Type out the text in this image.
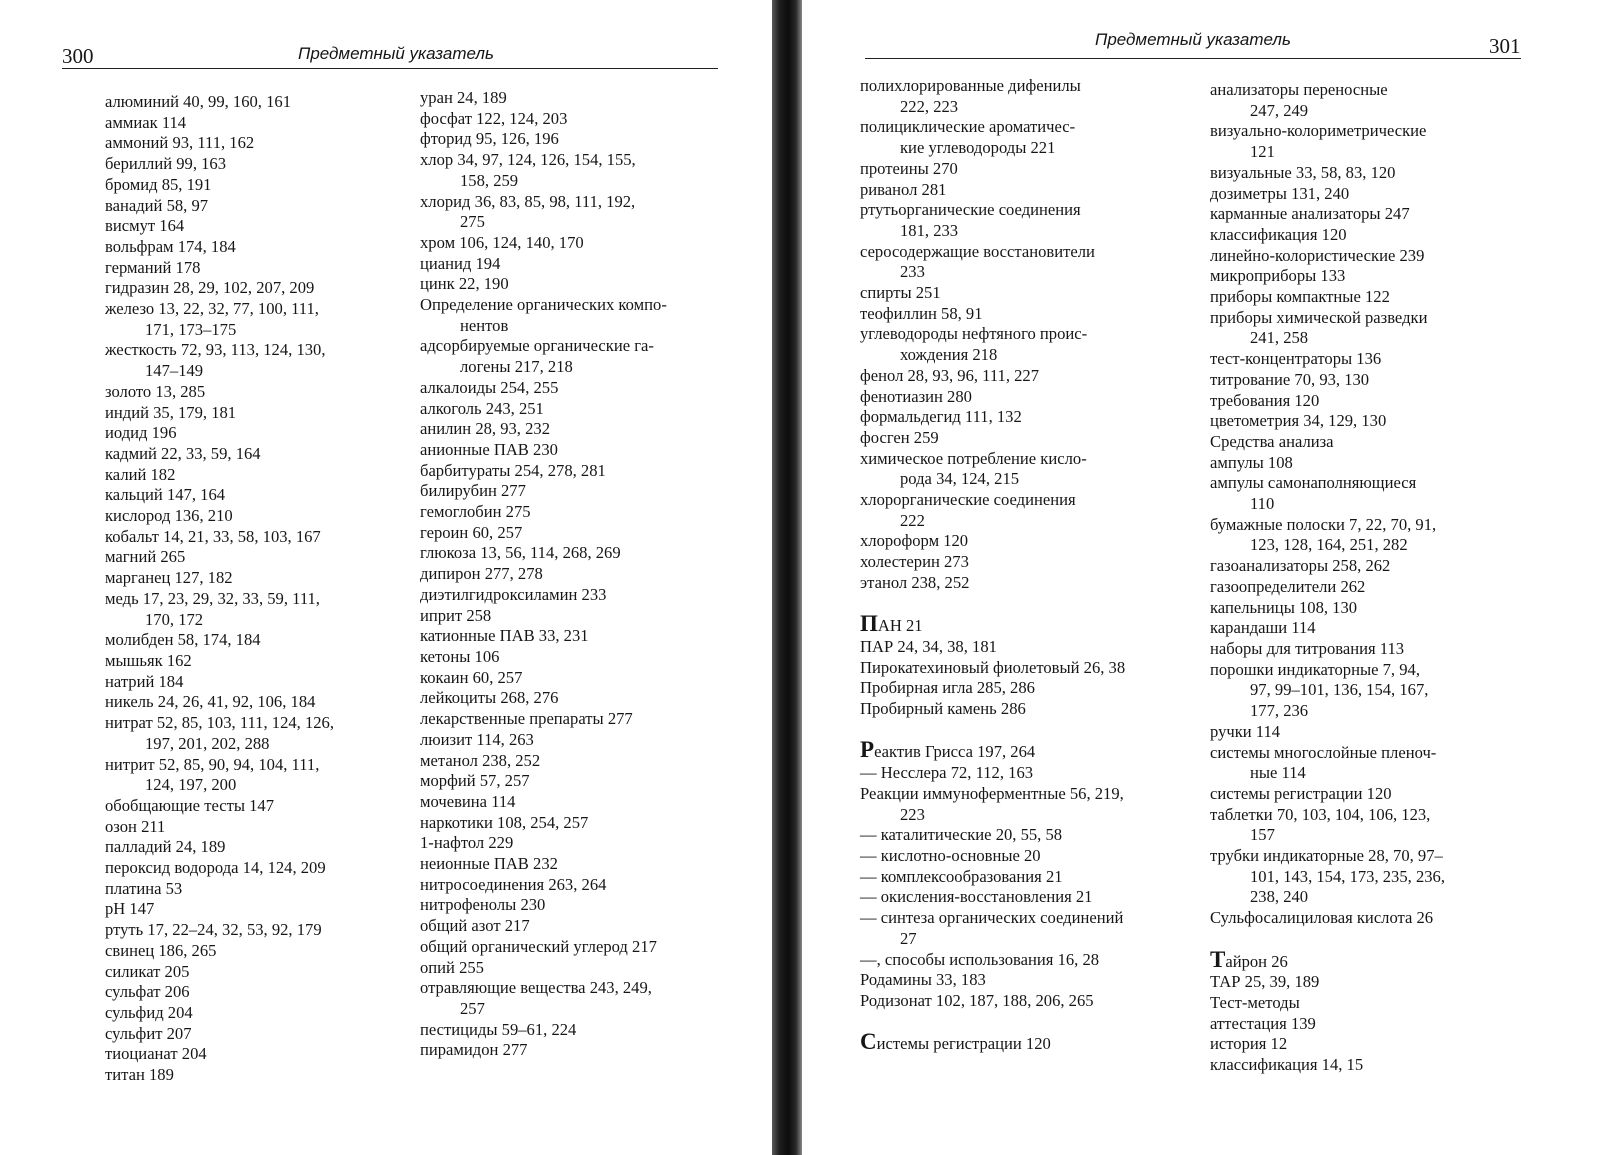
300	Предметный указатель
алюминий 40, 99, 160, 161
аммиак 114
аммоний 93, 111, 162
бериллий 99, 163
бромид 85, 191
ванадий 58, 97
висмут 164
вольфрам 174, 184
германий 178
гидразин 28, 29, 102, 207, 209
железо 13, 22, 32, 77, 100, 111,
171, 173–175
жесткость 72, 93, 113, 124, 130,
147–149
золото 13, 285
индий 35, 179, 181
иодид 196
кадмий 22, 33, 59, 164
калий 182
кальций 147, 164
кислород 136, 210
кобальт 14, 21, 33, 58, 103, 167
магний 265
марганец 127, 182
медь 17, 23, 29, 32, 33, 59, 111,
170, 172
молибден 58, 174, 184
мышьяк 162
натрий 184
никель 24, 26, 41, 92, 106, 184
нитрат 52, 85, 103, 111, 124, 126,
197, 201, 202, 288
нитрит 52, 85, 90, 94, 104, 111,
124, 197, 200
обобщающие тесты 147
озон 211
палладий 24, 189
пероксид водорода 14, 124, 209
платина 53
pH 147
ртуть 17, 22–24, 32, 53, 92, 179
свинец 186, 265
силикат 205
сульфат 206
сульфид 204
сульфит 207
тиоцианат 204
титан 189
уран 24, 189
фосфат 122, 124, 203
фторид 95, 126, 196
хлор 34, 97, 124, 126, 154, 155,
158, 259
хлорид 36, 83, 85, 98, 111, 192,
275
хром 106, 124, 140, 170
цианид 194
цинк 22, 190
Определение органических компо-
нентов
адсорбируемые органические га-
логены 217, 218
алкалоиды 254, 255
алкоголь 243, 251
анилин 28, 93, 232
анионные ПАВ 230
барбитураты 254, 278, 281
билирубин 277
гемоглобин 275
героин 60, 257
глюкоза 13, 56, 114, 268, 269
дипирон 277, 278
диэтилгидроксиламин 233
иприт 258
катионные ПАВ 33, 231
кетоны 106
кокаин 60, 257
лейкоциты 268, 276
лекарственные препараты 277
люизит 114, 263
метанол 238, 252
морфий 57, 257
мочевина 114
наркотики 108, 254, 257
1-нафтол 229
неионные ПАВ 232
нитросоединения 263, 264
нитрофенолы 230
общий азот 217
общий органический углерод 217
опий 255
отравляющие вещества 243, 249,
257
пестициды 59–61, 224
пирамидон 277
Предметный указатель	301
полихлорированные дифенилы
222, 223
полициклические ароматичес-
кие углеводороды 221
протеины 270
риванол 281
ртутьорганические соединения
181, 233
серосодержащие восстановители
233
спирты 251
теофиллин 58, 91
углеводороды нефтяного проис-
хождения 218
фенол 28, 93, 96, 111, 227
фенотиазин 280
формальдегид 111, 132
фосген 259
химическое потребление кисло-
рода 34, 124, 215
хлорорганические соединения
222
хлороформ 120
холестерин 273
этанол 238, 252
ПАН 21
ПАР 24, 34, 38, 181
Пирокатехиновый фиолетовый 26, 38
Пробирная игла 285, 286
Пробирный камень 286
Реактив Грисса 197, 264
— Несслера 72, 112, 163
Реакции иммуноферментные 56, 219,
223
— каталитические 20, 55, 58
— кислотно-основные 20
— комплексообразования 21
— окисления-восстановления 21
— синтеза органических соединений
27
—, способы использования 16, 28
Родамины 33, 183
Родизонат 102, 187, 188, 206, 265
Системы регистрации 120
анализаторы переносные
247, 249
визуально-колориметрические
121
визуальные 33, 58, 83, 120
дозиметры 131, 240
карманные анализаторы 247
классификация 120
линейно-колористические 239
микроприборы 133
приборы компактные 122
приборы химической разведки
241, 258
тест-концентраторы 136
титрование 70, 93, 130
требования 120
цветометрия 34, 129, 130
Средства анализа
ампулы 108
ампулы самонаполняющиеся
110
бумажные полоски 7, 22, 70, 91,
123, 128, 164, 251, 282
газоанализаторы 258, 262
газоопределители 262
капельницы 108, 130
карандаши 114
наборы для титрования 113
порошки индикаторные 7, 94,
97, 99–101, 136, 154, 167,
177, 236
ручки 114
системы многослойные пленоч-
ные 114
системы регистрации 120
таблетки 70, 103, 104, 106, 123,
157
трубки индикаторные 28, 70, 97–
101, 143, 154, 173, 235, 236,
238, 240
Сульфосалициловая кислота 26
Тайрон 26
ТАР 25, 39, 189
Тест-методы
аттестация 139
история 12
классификация 14, 15
